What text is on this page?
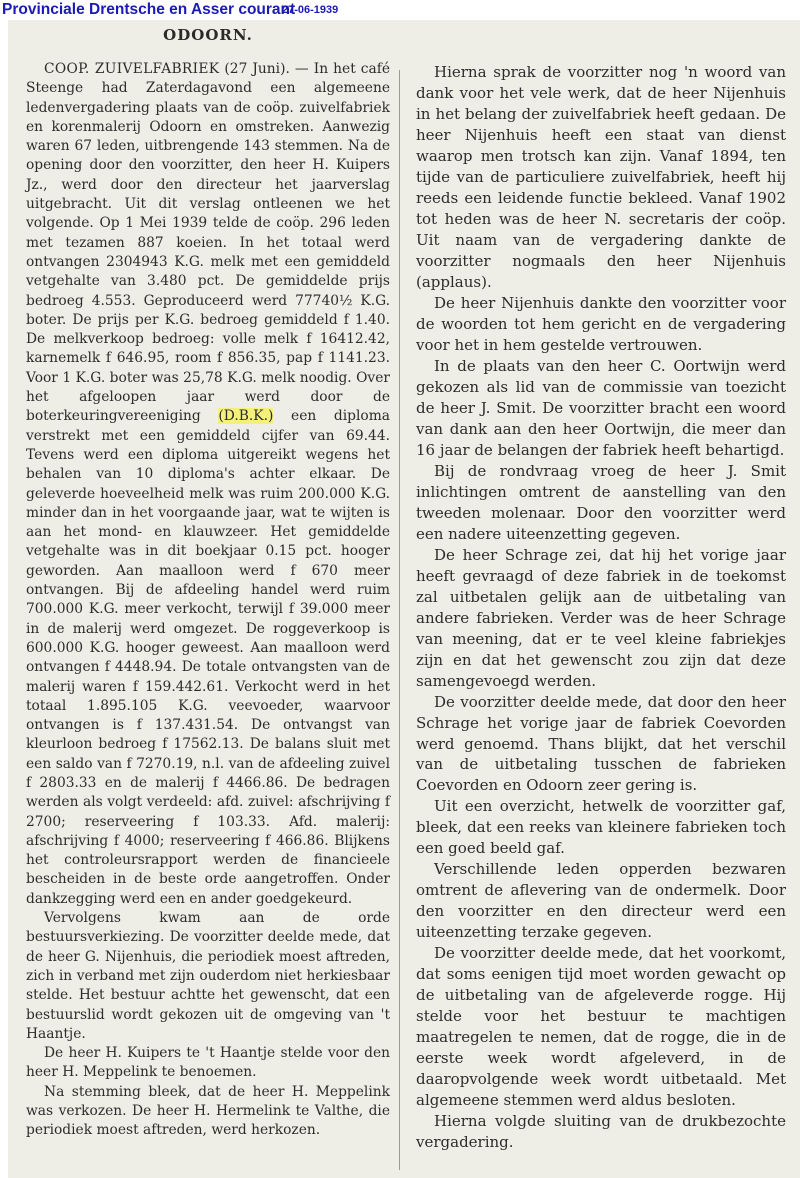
Provinciale Drentsche en Asser courant
27-06-1939
ODOORN.

COOP. ZUIVELFABRIEK (27 Juni). — In het café Steenge had Zaterdagavond een algemeene ledenvergadering plaats van de coöp. zuivelfabriek en korenmalerij Odoorn en omstreken. Aanwezig waren 67 leden, uitbrengende 143 stemmen. Na de opening door den voorzitter, den heer H. Kuipers Jz., werd door den directeur het jaarverslag uitgebracht. Uit dit verslag ontleenen we het volgende. Op 1 Mei 1939 telde de coöp. 296 leden met tezamen 887 koeien. In het totaal werd ontvangen 2304943 K.G. melk met een gemiddeld vetgehalte van 3.480 pct. De gemiddelde prijs bedroeg 4.553. Geproduceerd werd 77740½ K.G. boter. De prijs per K.G. bedroeg gemiddeld f 1.40. De melkverkoop bedroeg: volle melk f 16412.42, karnemelk f 646.95, room f 856.35, pap f 1141.23. Voor 1 K.G. boter was 25,78 K.G. melk noodig. Over het afgeloopen jaar werd door de boterkeuringvereeniging (D.B.K.) een diploma verstrekt met een gemiddeld cijfer van 69.44. Tevens werd een diploma uitgereikt wegens het behalen van 10 diploma's achter elkaar. De geleverde hoeveelheid melk was ruim 200.000 K.G. minder dan in het voorgaande jaar, wat te wijten is aan het mond- en klauwzeer. Het gemiddelde vetgehalte was in dit boekjaar 0.15 pct. hooger geworden. Aan maalloon werd f 670 meer ontvangen. Bij de afdeeling handel werd ruim 700.000 K.G. meer verkocht, terwijl f 39.000 meer in de malerij werd omgezet. De roggeverkoop is 600.000 K.G. hooger geweest. Aan maalloon werd ontvangen f 4448.94. De totale ontvangsten van de malerij waren f 159.442.61. Verkocht werd in het totaal 1.895.105 K.G. veevoeder, waarvoor ontvangen is f 137.431.54. De ontvangst van kleurloon bedroeg f 17562.13. De balans sluit met een saldo van f 7270.19, n.l. van de afdeeling zuivel f 2803.33 en de malerij f 4466.86. De bedragen werden als volgt verdeeld: afd. zuivel: afschrijving f 2700; reserveering f 103.33. Afd. malerij: afschrijving f 4000; reserveering f 466.86. Blijkens het controleursrapport werden de financieele bescheiden in de beste orde aangetroffen. Onder dankzegging werd een en ander goedgekeurd.

Vervolgens kwam aan de orde bestuursverkiezing. De voorzitter deelde mede, dat de heer G. Nijenhuis, die periodiek moest aftreden, zich in verband met zijn ouderdom niet herkiesbaar stelde. Het bestuur achtte het gewenscht, dat een bestuurslid wordt gekozen uit de omgeving van 't Haantje.

De heer H. Kuipers te 't Haantje stelde voor den heer H. Meppelink te benoemen.

Na stemming bleek, dat de heer H. Meppelink was verkozen. De heer H. Hermelink te Valthe, die periodiek moest aftreden, werd herkozen.

Hierna sprak de voorzitter nog 'n woord van dank voor het vele werk, dat de heer Nijenhuis in het belang der zuivelfabriek heeft gedaan. De heer Nijenhuis heeft een staat van dienst waarop men trotsch kan zijn. Vanaf 1894, ten tijde van de particuliere zuivelfabriek, heeft hij reeds een leidende functie bekleed. Vanaf 1902 tot heden was de heer N. secretaris der coöp. Uit naam van de vergadering dankte de voorzitter nogmaals den heer Nijenhuis (applaus).

De heer Nijenhuis dankte den voorzitter voor de woorden tot hem gericht en de vergadering voor het in hem gestelde vertrouwen.

In de plaats van den heer C. Oortwijn werd gekozen als lid van de commissie van toezicht de heer J. Smit. De voorzitter bracht een woord van dank aan den heer Oortwijn, die meer dan 16 jaar de belangen der fabriek heeft behartigd.

Bij de rondvraag vroeg de heer J. Smit inlichtingen omtrent de aanstelling van den tweeden molenaar. Door den voorzitter werd een nadere uiteenzetting gegeven.

De heer Schrage zei, dat hij het vorige jaar heeft gevraagd of deze fabriek in de toekomst zal uitbetalen gelijk aan de uitbetaling van andere fabrieken. Verder was de heer Schrage van meening, dat er te veel kleine fabriekjes zijn en dat het gewenscht zou zijn dat deze samengevoegd werden.

De voorzitter deelde mede, dat door den heer Schrage het vorige jaar de fabriek Coevorden werd genoemd. Thans blijkt, dat het verschil van de uitbetaling tusschen de fabrieken Coevorden en Odoorn zeer gering is.

Uit een overzicht, hetwelk de voorzitter gaf, bleek, dat een reeks van kleinere fabrieken toch een goed beeld gaf.

Verschillende leden opperden bezwaren omtrent de aflevering van de ondermelk. Door den voorzitter en den directeur werd een uiteenzetting terzake gegeven.

De voorzitter deelde mede, dat het voorkomt, dat soms eenigen tijd moet worden gewacht op de uitbetaling van de afgeleverde rogge. Hij stelde voor het bestuur te machtigen maatregelen te nemen, dat de rogge, die in de eerste week wordt afgeleverd, in de daaropvolgende week wordt uitbetaald. Met algemeene stemmen werd aldus besloten.

Hierna volgde sluiting van de drukbezochte vergadering.
